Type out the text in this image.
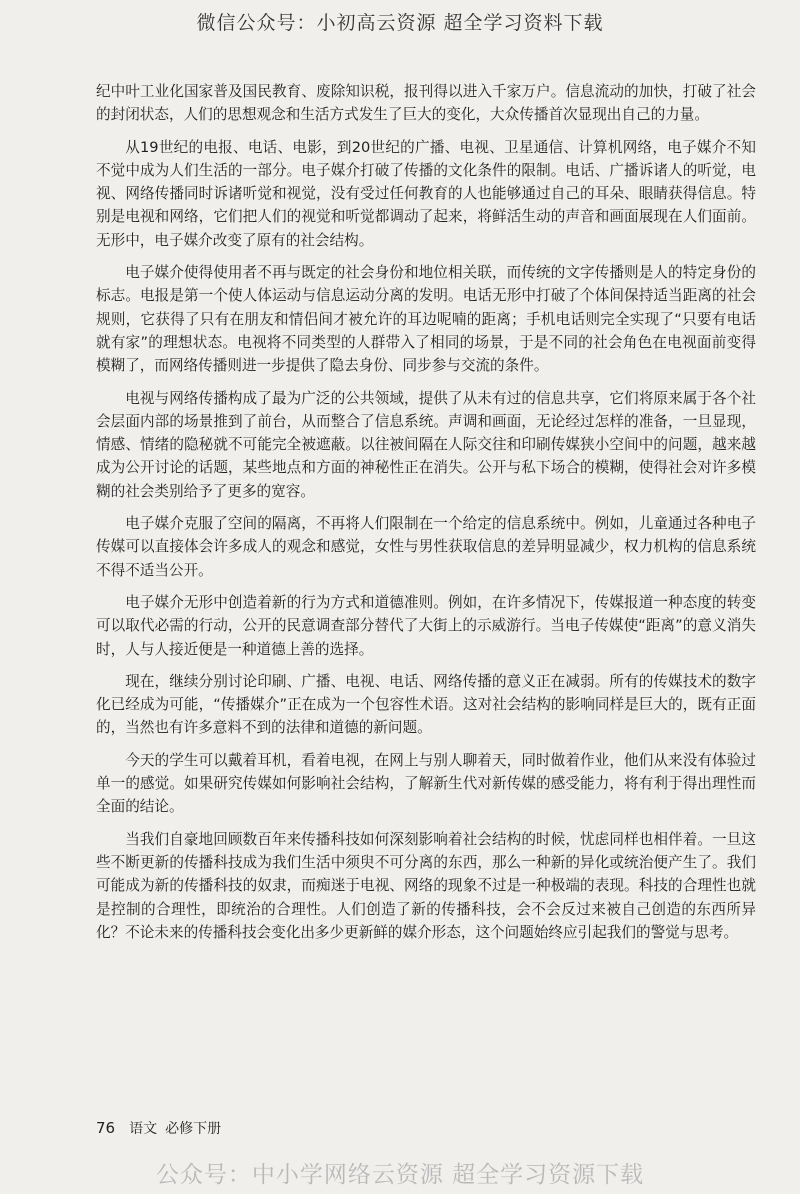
微信公众号：小初高云资源 超全学习资料下载

纪中叶工业化国家普及国民教育、废除知识税，报刊得以进入千家万户。信息流动的加快，打破了社会的封闭状态，人们的思想观念和生活方式发生了巨大的变化，大众传播首次显现出自己的力量。

从19世纪的电报、电话、电影，到20世纪的广播、电视、卫星通信、计算机网络，电子媒介不知不觉中成为人们生活的一部分。电子媒介打破了传播的文化条件的限制。电话、广播诉诸人的听觉，电视、网络传播同时诉诸听觉和视觉，没有受过任何教育的人也能够通过自己的耳朵、眼睛获得信息。特别是电视和网络，它们把人们的视觉和听觉都调动了起来，将鲜活生动的声音和画面展现在人们面前。无形中，电子媒介改变了原有的社会结构。

电子媒介使得使用者不再与既定的社会身份和地位相关联，而传统的文字传播则是人的特定身份的标志。电报是第一个使人体运动与信息运动分离的发明。电话无形中打破了个体间保持适当距离的社会规则，它获得了只有在朋友和情侣间才被允许的耳边呢喃的距离；手机电话则完全实现了“只要有电话就有家”的理想状态。电视将不同类型的人群带入了相同的场景，于是不同的社会角色在电视面前变得模糊了，而网络传播则进一步提供了隐去身份、同步参与交流的条件。

电视与网络传播构成了最为广泛的公共领域，提供了从未有过的信息共享，它们将原来属于各个社会层面内部的场景推到了前台，从而整合了信息系统。声调和画面，无论经过怎样的准备，一旦显现，情感、情绪的隐秘就不可能完全被遮蔽。以往被间隔在人际交往和印刷传媒狭小空间中的问题，越来越成为公开讨论的话题，某些地点和方面的神秘性正在消失。公开与私下场合的模糊，使得社会对许多模糊的社会类别给予了更多的宽容。

电子媒介克服了空间的隔离，不再将人们限制在一个给定的信息系统中。例如，儿童通过各种电子传媒可以直接体会许多成人的观念和感觉，女性与男性获取信息的差异明显减少，权力机构的信息系统不得不适当公开。

电子媒介无形中创造着新的行为方式和道德准则。例如，在许多情况下，传媒报道一种态度的转变可以取代必需的行动，公开的民意调查部分替代了大街上的示威游行。当电子传媒使“距离”的意义消失时，人与人接近便是一种道德上善的选择。

现在，继续分别讨论印刷、广播、电视、电话、网络传播的意义正在减弱。所有的传媒技术的数字化已经成为可能，“传播媒介”正在成为一个包容性术语。这对社会结构的影响同样是巨大的，既有正面的，当然也有许多意料不到的法律和道德的新问题。

今天的学生可以戴着耳机，看着电视，在网上与别人聊着天，同时做着作业，他们从来没有体验过单一的感觉。如果研究传媒如何影响社会结构，了解新生代对新传媒的感受能力，将有利于得出理性而全面的结论。

当我们自豪地回顾数百年来传播科技如何深刻影响着社会结构的时候，忧虑同样也相伴着。一旦这些不断更新的传播科技成为我们生活中须臾不可分离的东西，那么一种新的异化或统治便产生了。我们可能成为新的传播科技的奴隶，而痴迷于电视、网络的现象不过是一种极端的表现。科技的合理性也就是控制的合理性，即统治的合理性。人们创造了新的传播科技，会不会反过来被自己创造的东西所异化？不论未来的传播科技会变化出多少更新鲜的媒介形态，这个问题始终应引起我们的警觉与思考。

76 语文 必修下册
公众号：中小学网络云资源 超全学习资源下载
